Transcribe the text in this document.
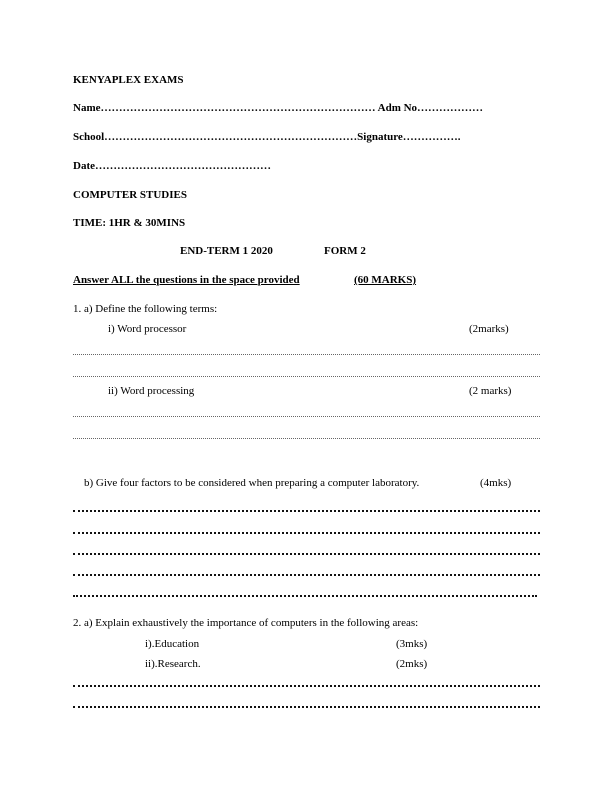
KENYAPLEX EXAMS
Name………………………………………………………………… Adm No………………
School……………………………………………………………Signature…………….
Date…………………………………………
COMPUTER STUDIES
TIME: 1HR & 30MINS
END-TERM 1 2020	FORM 2
Answer ALL the questions in the space provided	(60 MARKS)
1. a) Define the following terms:
i) Word processor	(2marks)
ii) Word processing	(2 marks)
b) Give four factors to be considered when preparing a computer laboratory.	(4mks)
2. a) Explain exhaustively the importance of computers in the following areas:
i).Education	(3mks)
ii).Research.	(2mks)
